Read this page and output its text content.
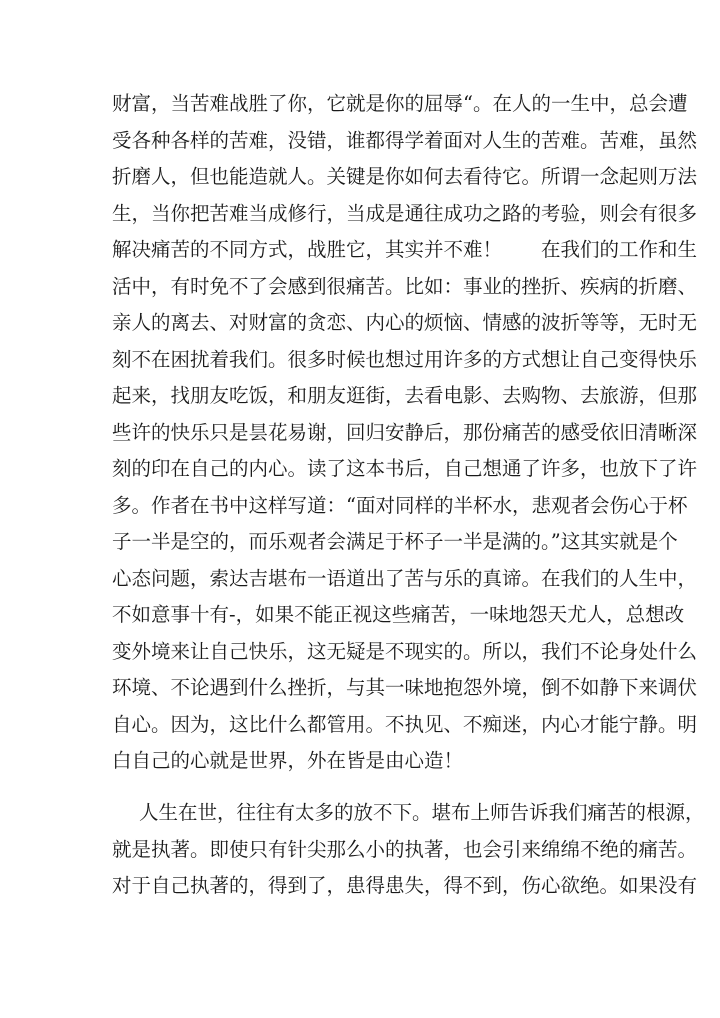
财富，当苦难战胜了你，它就是你的屈辱“。在人的一生中，总会遭
受各种各样的苦难，没错，谁都得学着面对人生的苦难。苦难，虽然
折磨人，但也能造就人。关键是你如何去看待它。所谓一念起则万法
生，当你把苦难当成修行，当成是通往成功之路的考验，则会有很多
解决痛苦的不同方式，战胜它，其实并不难！　　在我们的工作和生
活中，有时免不了会感到很痛苦。比如：事业的挫折、疾病的折磨、
亲人的离去、对财富的贪恋、内心的烦恼、情感的波折等等，无时无
刻不在困扰着我们。很多时候也想过用许多的方式想让自己变得快乐
起来，找朋友吃饭，和朋友逛街，去看电影、去购物、去旅游，但那
些许的快乐只是昙花易谢，回归安静后，那份痛苦的感受依旧清晰深
刻的印在自己的内心。读了这本书后，自己想通了许多，也放下了许
多。作者在书中这样写道：“面对同样的半杯水，悲观者会伤心于杯
子一半是空的，而乐观者会满足于杯子一半是满的。”这其实就是个
心态问题，索达吉堪布一语道出了苦与乐的真谛。在我们的人生中，
不如意事十有-，如果不能正视这些痛苦，一味地怨天尤人，总想改
变外境来让自己快乐，这无疑是不现实的。所以，我们不论身处什么
环境、不论遇到什么挫折，与其一味地抱怨外境，倒不如静下来调伏
自心。因为，这比什么都管用。不执见、不痴迷，内心才能宁静。明
白自己的心就是世界，外在皆是由心造！
人生在世，往往有太多的放不下。堪布上师告诉我们痛苦的根源，
就是执著。即使只有针尖那么小的执著，也会引来绵绵不绝的痛苦。
对于自己执著的，得到了，患得患失，得不到，伤心欲绝。如果没有
